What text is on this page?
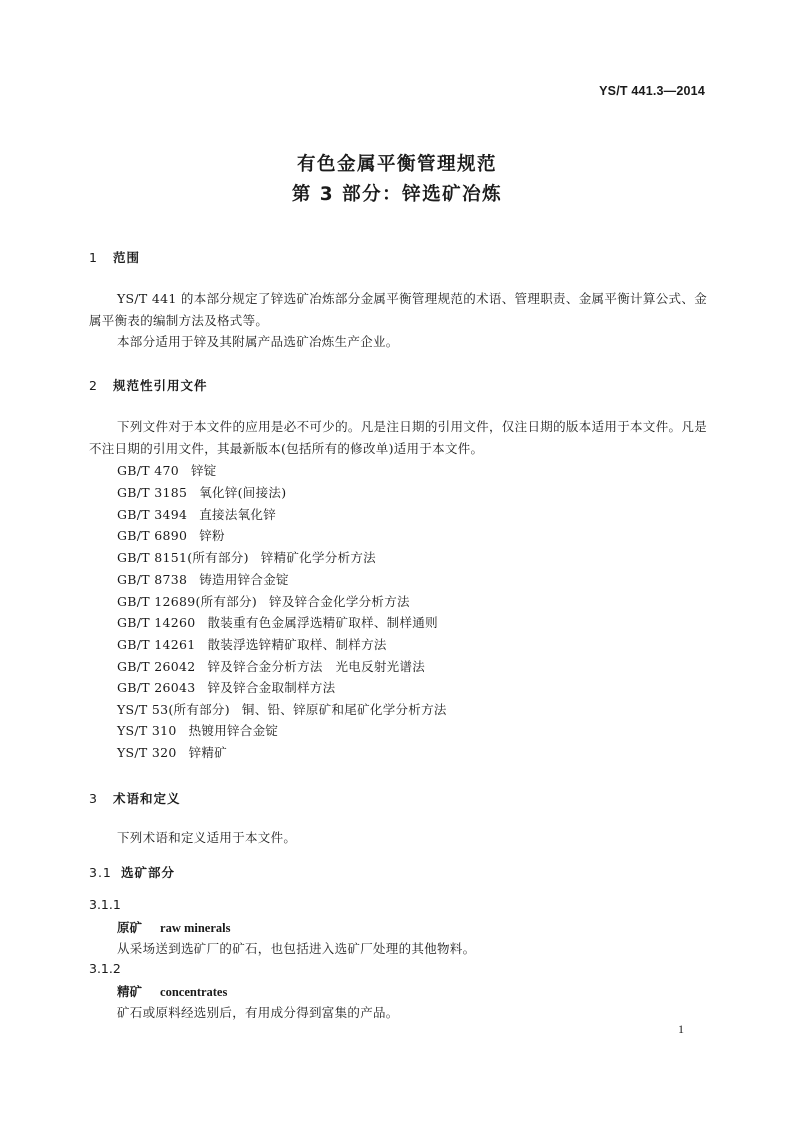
YS/T 441.3—2014
有色金属平衡管理规范
第 3 部分：锌选矿冶炼
1 范围
YS/T 441 的本部分规定了锌选矿冶炼部分金属平衡管理规范的术语、管理职责、金属平衡计算公式、金属平衡表的编制方法及格式等。
本部分适用于锌及其附属产品选矿冶炼生产企业。
2 规范性引用文件
下列文件对于本文件的应用是必不可少的。凡是注日期的引用文件，仅注日期的版本适用于本文件。凡是不注日期的引用文件，其最新版本(包括所有的修改单)适用于本文件。
GB/T 470 锌锭
GB/T 3185 氧化锌(间接法)
GB/T 3494 直接法氧化锌
GB/T 6890 锌粉
GB/T 8151(所有部分) 锌精矿化学分析方法
GB/T 8738 铸造用锌合金锭
GB/T 12689(所有部分) 锌及锌合金化学分析方法
GB/T 14260 散装重有色金属浮选精矿取样、制样通则
GB/T 14261 散装浮选锌精矿取样、制样方法
GB/T 26042 锌及锌合金分析方法　光电反射光谱法
GB/T 26043 锌及锌合金取制样方法
YS/T 53(所有部分) 铜、铅、锌原矿和尾矿化学分析方法
YS/T 310 热镀用锌合金锭
YS/T 320 锌精矿
3 术语和定义
下列术语和定义适用于本文件。
3.1 选矿部分
3.1.1
原矿 raw minerals
从采场送到选矿厂的矿石，也包括进入选矿厂处理的其他物料。
3.1.2
精矿 concentrates
矿石或原料经选别后，有用成分得到富集的产品。
1
